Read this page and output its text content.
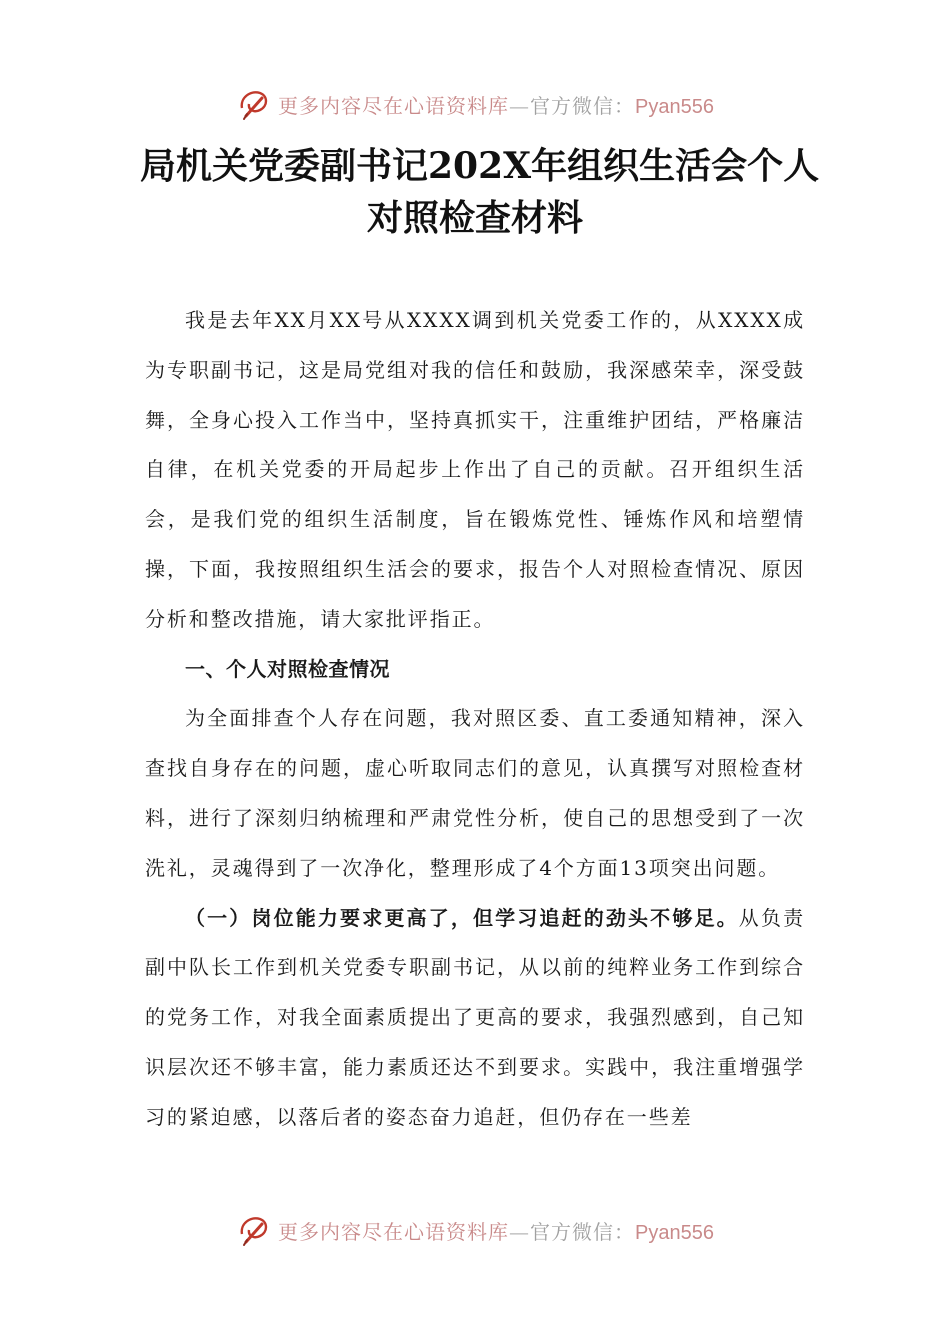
更多内容尽在心语资料库—官方微信：Pyan556
局机关党委副书记202X年组织生活会个人
对照检查材料

我是去年XX月XX号从XXXX调到机关党委工作的，从XXXX成为专职副书记，这是局党组对我的信任和鼓励，我深感荣幸，深受鼓舞，全身心投入工作当中，坚持真抓实干，注重维护团结，严格廉洁自律，在机关党委的开局起步上作出了自己的贡献。召开组织生活会，是我们党的组织生活制度，旨在锻炼党性、锤炼作风和培塑情操，下面，我按照组织生活会的要求，报告个人对照检查情况、原因分析和整改措施，请大家批评指正。

一、个人对照检查情况

为全面排查个人存在问题，我对照区委、直工委通知精神，深入查找自身存在的问题，虚心听取同志们的意见，认真撰写对照检查材料，进行了深刻归纳梳理和严肃党性分析，使自己的思想受到了一次洗礼，灵魂得到了一次净化，整理形成了4个方面13项突出问题。

（一）岗位能力要求更高了，但学习追赶的劲头不够足。从负责副中队长工作到机关党委专职副书记，从以前的纯粹业务工作到综合的党务工作，对我全面素质提出了更高的要求，我强烈感到，自己知识层次还不够丰富，能力素质还达不到要求。实践中，我注重增强学习的紧迫感，以落后者的姿态奋力追赶，但仍存在一些差

更多内容尽在心语资料库—官方微信：Pyan556
